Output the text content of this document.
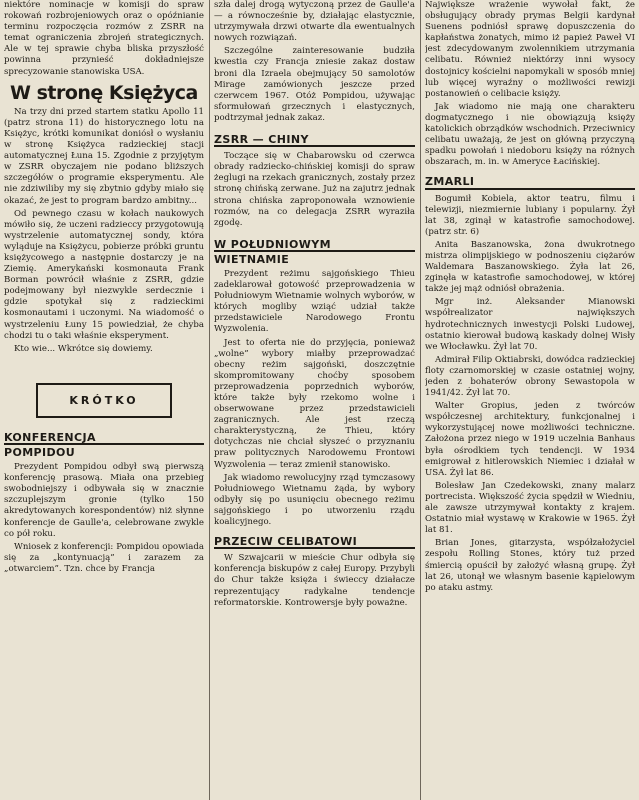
niektóre nominacje w komisji do spraw rokowań rozbrojeniowych oraz o opóźnianie terminu rozpoczęcia rozmów z ZSRR na temat ograniczenia zbrojeń strategicznych. Ale w tej sprawie chyba bliska przyszłość powinna przynieść dokładniejsze sprecyzowanie stanowiska USA.

W stronę Księżyca

Na trzy dni przed startem statku Apollo 11 (patrz strona 11) do historycznego lotu na Księżyc, krótki komunikat doniósł o wysłaniu w stronę Księżyca radzieckiej stacji automatycznej Łuna 15. Zgodnie z przyjętym w ZSRR obyczajem nie podano bliższych szczegółów o programie eksperymentu. Ale nie zdziwiliby my się zbytnio gdyby miało się okazać, że jest to program bardzo ambitny...

Od pewnego czasu w kołach naukowych mówiło się, że uczeni radzieccy przygotowują wystrzelenie automatycznej sondy, która wyląduje na Księżycu, pobierze próbki gruntu księżycowego a następnie dostarczy je na Ziemię. Amerykański kosmonauta Frank Borman powrócił właśnie z ZSRR, gdzie podejmowany był niezwykle serdecznie i gdzie spotykał się z radzieckimi kosmonautami i uczonymi. Na wiadomość o wystrzeleniu Łuny 15 powiedział, że chyba chodzi tu o taki właśnie eksperyment.

Kto wie... Wkrótce się dowiemy.

KRÓTKO
KONFERENCJA
POMPIDOU

Prezydent Pompidou odbył swą pierwszą konferencję prasową. Miała ona przebieg swobodniejszy i odbywała się w znacznie szczuplejszym gronie (tylko 150 akredytowanych korespondentów) niż słynne konferencje de Gaulle'a, celebrowane zwykle co pół roku.

Wniosek z konferencji: Pompidou opowiada się za „kontynuacją” i zarazem za „otwarciem”. Tzn. chce by Francja

szła dalej drogą wytyczoną przez de Gaulle'a — a równocześnie by, działając elastycznie, utrzymywała drzwi otwarte dla ewentualnych nowych rozwiązań.

Szczególne zainteresowanie budziła kwestia czy Francja zniesie zakaz dostaw broni dla Izraela obejmujący 50 samolotów Mirage zamówionych jeszcze przed czerwcem 1967. Otóż Pompidou, używając sformułowań grzecznych i elastycznych, podtrzymał jednak zakaz.

ZSRR — CHINY

Toczące się w Chabarowsku od czerwca obrady radziecko-chińskiej komisji do spraw żeglugi na rzekach granicznych, zostały przez stronę chińską zerwane. Już na zajutrz jednak strona chińska zaproponowała wznowienie rozmów, na co delegacja ZSRR wyraziła zgodę.

W POŁUDNIOWYM
WIETNAMIE

Prezydent reżimu sajgońskiego Thieu zadeklarował gotowość przeprowadzenia w Południowym Wietnamie wolnych wyborów, w których mogliby wziąć udział także przedstawiciele Narodowego Frontu Wyzwolenia.

Jest to oferta nie do przyjęcia, ponieważ „wolne” wybory miałby przeprowadzać obecny reżim sajgoński, doszczętnie skompromitowany choćby sposobem przeprowadzenia poprzednich wyborów, które także były rzekomo wolne i obserwowane przez przedstawicieli zagranicznych. Ale jest rzeczą charakterystyczną, że Thieu, który dotychczas nie chciał słyszeć o przyznaniu praw politycznych Narodowemu Frontowi Wyzwolenia — teraz zmienił stanowisko.

Jak wiadomo rewolucyjny rząd tymczasowy Południowego Wietnamu żąda, by wybory odbyły się po usunięciu obecnego reżimu sajgońskiego i po utworzeniu rządu koalicyjnego.

PRZECIW CELIBATOWI

W Szwajcarii w mieście Chur odbyła się konferencja biskupów z całej Europy. Przybyli do Chur także księża i świeccy działacze reprezentujący radykalne tendencje reformatorskie. Kontrowersje były poważne.

Największe wrażenie wywołał fakt, że obsługujący obrady prymas Belgii kardynał Suenens podniósł sprawę dopuszczenia do kapłaństwa żonatych, mimo iż papież Paweł VI jest zdecydowanym zwolennikiem utrzymania celibatu. Również niektórzy inni wysocy dostojnicy kościelni napomykali w sposób mniej lub więcej wyraźny o możliwości rewizji postanowień o celibacie księży.

Jak wiadomo nie mają one charakteru dogmatycznego i nie obowiązują księży katolickich obrządków wschodnich. Przeciwnicy celibatu uważają, że jest on główną przyczyną spadku powołań i niedoboru księży na różnych obszarach, m. in. w Ameryce Łacińskiej.

ZMARLI

Bogumił Kobiela, aktor teatru, filmu i telewizji, niezmiernie lubiany i popularny. Żył lat 38, zginął w katastrofie samochodowej. (patrz str. 6)

Anita Baszanowska, żona dwukrotnego mistrza olimpijskiego w podnoszeniu ciężarów Waldemara Baszanowskiego. Żyła lat 26, zginęła w katastrofie samochodowej, w której także jej mąż odniósł obrażenia.

Mgr inż. Aleksander Mianowski współrealizator największych hydrotechnicznych inwestycji Polski Ludowej, ostatnio kierował budową kaskady dolnej Wisły we Włocławku. Żył lat 70.

Admirał Filip Oktiabrski, dowódca radzieckiej floty czarnomorskiej w czasie ostatniej wojny, jeden z bohaterów obrony Sewastopola w 1941/42. Żył lat 70.

Walter Gropius, jeden z twórców współczesnej architektury, funkcjonalnej i wykorzystującej nowe możliwości techniczne. Założona przez niego w 1919 uczelnia Banhaus była ośrodkiem tych tendencji. W 1934 emigrował z hitlerowskich Niemiec i działał w USA. Żył lat 86.

Bolesław Jan Czedekowski, znany malarz portrecista. Większość życia spędził w Wiedniu, ale zawsze utrzymywał kontakty z krajem. Ostatnio miał wystawę w Krakowie w 1965. Żył lat 81.

Brian Jones, gitarzysta, współzałożyciel zespołu Rolling Stones, który tuż przed śmiercią opuścił by założyć własną grupę. Żył lat 26, utonął we własnym basenie kąpielowym po ataku astmy.
